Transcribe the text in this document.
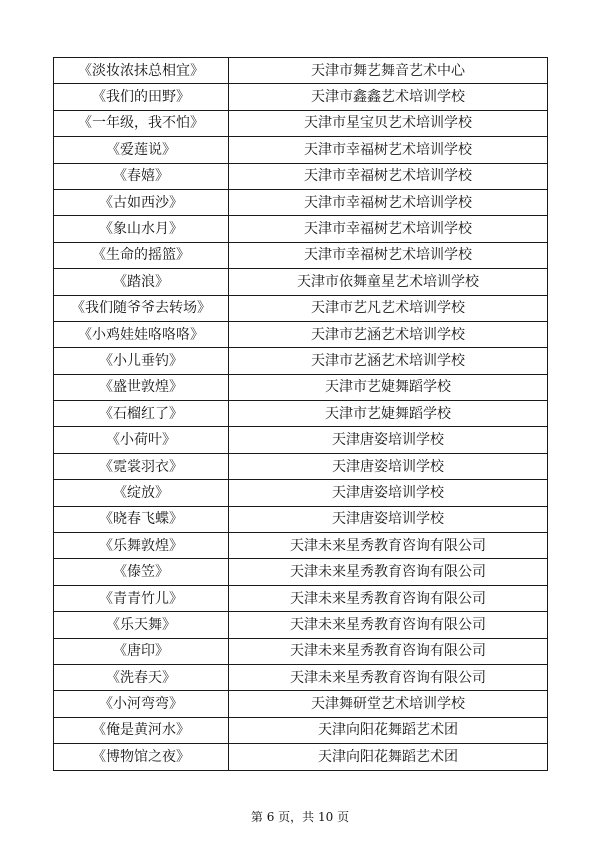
《淡妆浓抹总相宜》	天津市舞艺舞音艺术中心
《我们的田野》	天津市鑫鑫艺术培训学校
《一年级，我不怕》	天津市星宝贝艺术培训学校
《爱莲说》	天津市幸福树艺术培训学校
《春嬉》	天津市幸福树艺术培训学校
《古如西沙》	天津市幸福树艺术培训学校
《象山水月》	天津市幸福树艺术培训学校
《生命的摇篮》	天津市幸福树艺术培训学校
《踏浪》	天津市依舞童星艺术培训学校
《我们随爷爷去转场》	天津市艺凡艺术培训学校
《小鸡娃娃咯咯咯》	天津市艺涵艺术培训学校
《小儿垂钓》	天津市艺涵艺术培训学校
《盛世敦煌》	天津市艺婕舞蹈学校
《石榴红了》	天津市艺婕舞蹈学校
《小荷叶》	天津唐姿培训学校
《霓裳羽衣》	天津唐姿培训学校
《绽放》	天津唐姿培训学校
《晓春飞蝶》	天津唐姿培训学校
《乐舞敦煌》	天津未来星秀教育咨询有限公司
《傣笠》	天津未来星秀教育咨询有限公司
《青青竹儿》	天津未来星秀教育咨询有限公司
《乐天舞》	天津未来星秀教育咨询有限公司
《唐印》	天津未来星秀教育咨询有限公司
《洗春天》	天津未来星秀教育咨询有限公司
《小河弯弯》	天津舞研堂艺术培训学校
《俺是黄河水》	天津向阳花舞蹈艺术团
《博物馆之夜》	天津向阳花舞蹈艺术团
第 6 页，共 10 页
